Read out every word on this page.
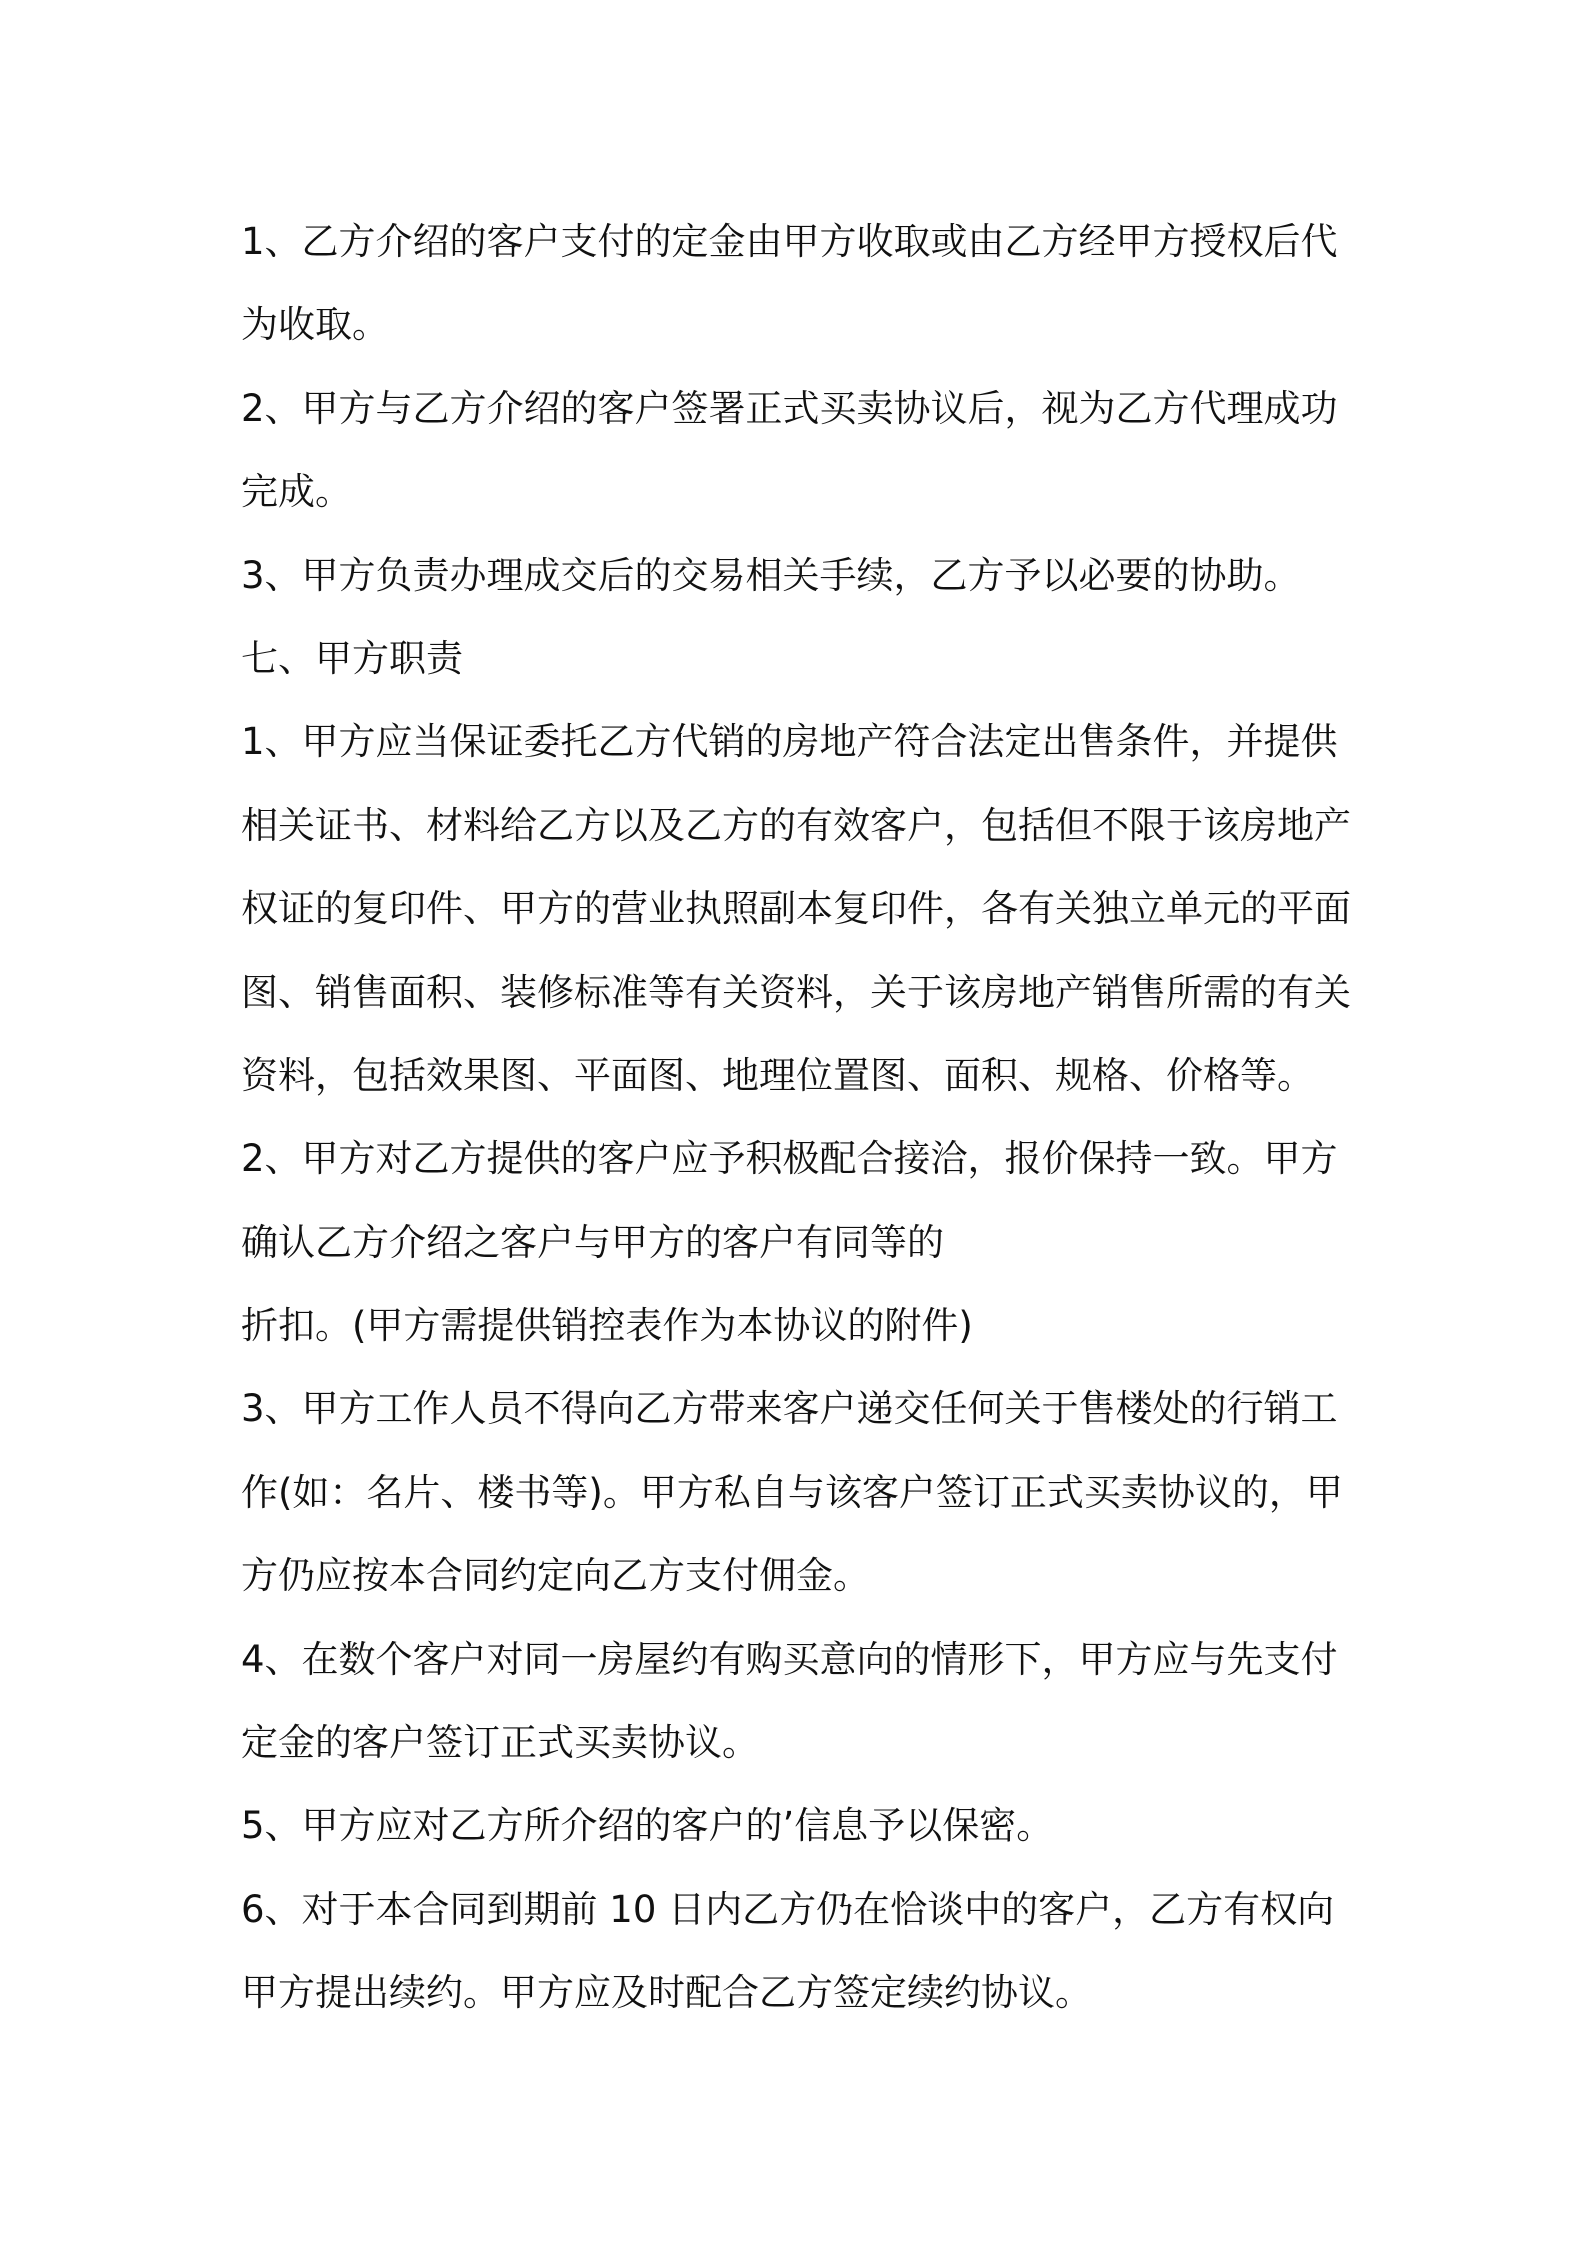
1、乙方介绍的客户支付的定金由甲方收取或由乙方经甲方授权后代
为收取。
2、甲方与乙方介绍的客户签署正式买卖协议后，视为乙方代理成功
完成。
3、甲方负责办理成交后的交易相关手续，乙方予以必要的协助。
七、甲方职责
1、甲方应当保证委托乙方代销的房地产符合法定出售条件，并提供
相关证书、材料给乙方以及乙方的有效客户，包括但不限于该房地产
权证的复印件、甲方的营业执照副本复印件，各有关独立单元的平面
图、销售面积、装修标准等有关资料，关于该房地产销售所需的有关
资料，包括效果图、平面图、地理位置图、面积、规格、价格等。
2、甲方对乙方提供的客户应予积极配合接洽，报价保持一致。甲方
确认乙方介绍之客户与甲方的客户有同等的
折扣。(甲方需提供销控表作为本协议的附件)
3、甲方工作人员不得向乙方带来客户递交任何关于售楼处的行销工
作(如：名片、楼书等)。甲方私自与该客户签订正式买卖协议的，甲
方仍应按本合同约定向乙方支付佣金。
4、在数个客户对同一房屋约有购买意向的情形下，甲方应与先支付
定金的客户签订正式买卖协议。
5、甲方应对乙方所介绍的客户的’信息予以保密。
6、对于本合同到期前 10 日内乙方仍在恰谈中的客户，乙方有权向
甲方提出续约。甲方应及时配合乙方签定续约协议。
